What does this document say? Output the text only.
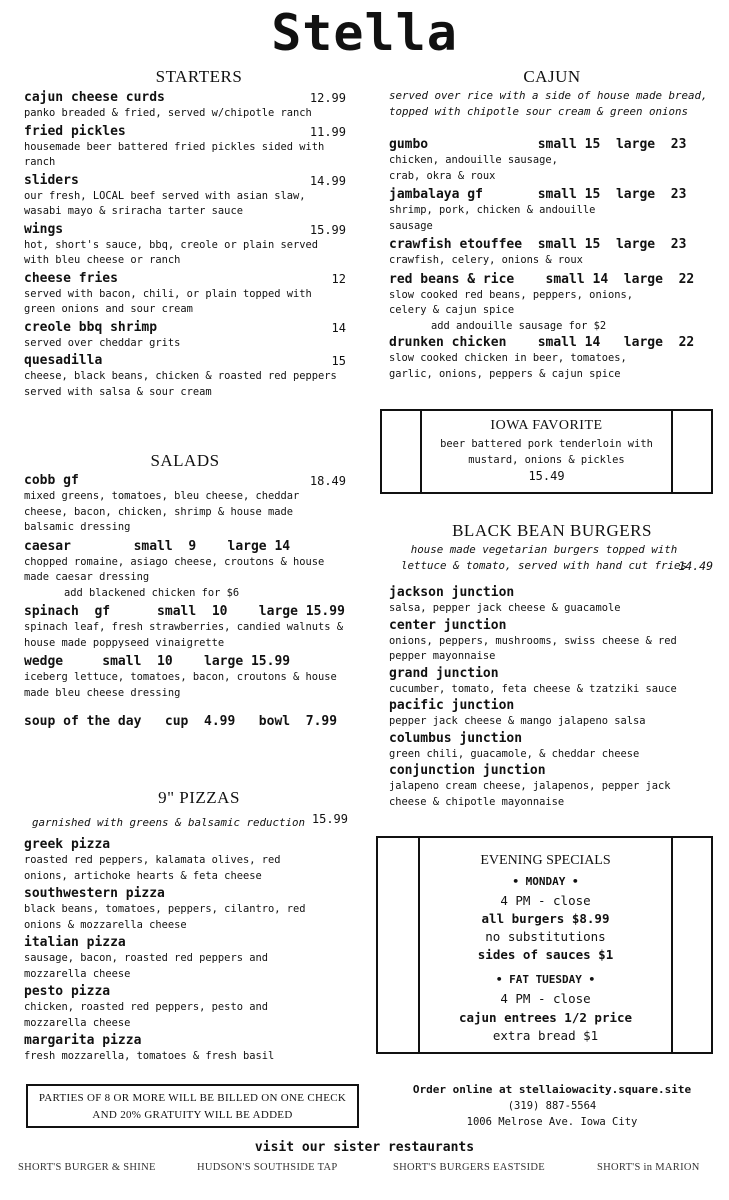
Stella
STARTERS
cajun cheese curds	12.99
panko breaded & fried, served w/chipotle ranch
fried pickles	11.99
housemade beer battered fried pickles sided with ranch
sliders	14.99
our fresh, LOCAL beef served with asian slaw, wasabi mayo & sriracha tarter sauce
wings	15.99
hot, short's sauce, bbq, creole or plain served with bleu cheese or ranch
cheese fries	12
served with bacon, chili, or plain topped with green onions and sour cream
creole bbq shrimp	14
served over cheddar grits
quesadilla	15
cheese, black beans, chicken & roasted red peppers served with salsa & sour cream
SALADS
cobb gf	18.49
mixed greens, tomatoes, bleu cheese, cheddar cheese, bacon, chicken, shrimp & house made balsamic dressing
caesar        small  9    large 14
chopped romaine, asiago cheese, croutons & house made caesar dressing
add blackened chicken for $6
spinach  gf      small  10    large 15.99
spinach leaf, fresh strawberries, candied walnuts & house made poppyseed vinaigrette
wedge     small  10    large 15.99
iceberg lettuce, tomatoes, bacon, croutons & house made bleu cheese dressing
soup of the day   cup  4.99   bowl  7.99
9" PIZZAS
garnished with greens & balsamic reduction 15.99
greek pizza
roasted red peppers, kalamata olives, red onions, artichoke hearts & feta cheese
southwestern pizza
black beans, tomatoes, peppers, cilantro, red onions & mozzarella cheese
italian pizza
sausage, bacon, roasted red peppers and mozzarella cheese
pesto pizza
chicken, roasted red peppers, pesto and mozzarella cheese
margarita pizza
fresh mozzarella, tomatoes & fresh basil
PARTIES OF 8 OR MORE WILL BE BILLED ON ONE CHECK AND 20% GRATUITY WILL BE ADDED
CAJUN
served over rice with a side of house made bread, topped with chipotle sour cream & green onions
gumbo              small 15  large  23
chicken, andouille sausage, crab, okra & roux
jambalaya gf       small 15  large  23
shrimp, pork, chicken & andouille sausage
crawfish etouffee  small 15  large  23
crawfish, celery, onions & roux
red beans & rice    small 14  large  22
slow cooked red beans, peppers, onions, celery & cajun spice
add andouille sausage for $2
drunken chicken    small 14   large  22
slow cooked chicken in beer, tomatoes, garlic, onions, peppers & cajun spice
IOWA FAVORITE
beer battered pork tenderloin with mustard, onions & pickles
15.49
BLACK BEAN BURGERS
house made vegetarian burgers topped with lettuce & tomato, served with hand cut fries
14.49
jackson junction
salsa, pepper jack cheese & guacamole
center junction
onions, peppers, mushrooms, swiss cheese & red pepper mayonnaise
grand junction
cucumber, tomato, feta cheese & tzatziki sauce
pacific junction
pepper jack cheese & mango jalapeno salsa
columbus junction
green chili, guacamole, & cheddar cheese
conjunction junction
jalapeno cream cheese, jalapenos, pepper jack cheese & chipotle mayonnaise
EVENING SPECIALS
• MONDAY •
4 PM - close
all burgers $8.99
no substitutions
sides of sauces $1
• FAT TUESDAY •
4 PM - close
cajun entrees 1/2 price
extra bread $1
Order online at stellaiowacity.square.site
(319) 887-5564
1006 Melrose Ave. Iowa City
visit our sister restaurants
SHORT'S BURGER & SHINE	HUDSON'S SOUTHSIDE TAP	SHORT'S BURGERS EASTSIDE	SHORT'S in MARION
